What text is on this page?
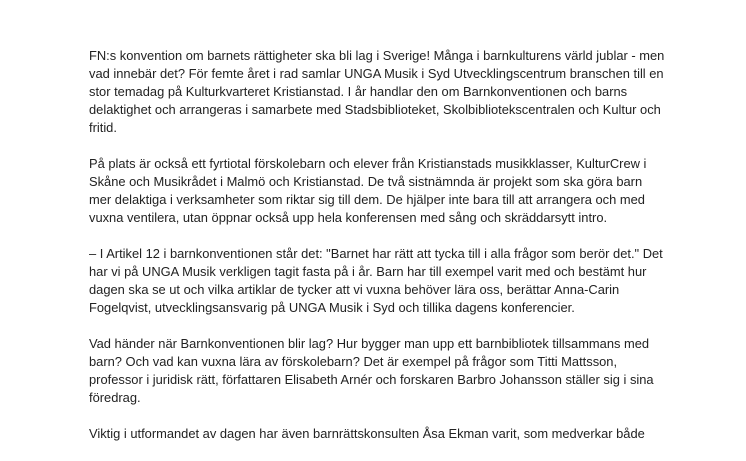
FN:s konvention om barnets rättigheter ska bli lag i Sverige! Många i barnkulturens värld jublar - men
vad innebär det? För femte året i rad samlar UNGA Musik i Syd Utvecklingscentrum branschen till en
stor temadag på Kulturkvarteret Kristianstad. I år handlar den om Barnkonventionen och barns
delaktighet och arrangeras i samarbete med Stadsbiblioteket, Skolbibliotekscentralen och Kultur och
fritid.

På plats är också ett fyrtiotal förskolebarn och elever från Kristianstads musikklasser, KulturCrew i
Skåne och Musikrådet i Malmö och Kristianstad. De två sistnämnda är projekt som ska göra barn
mer delaktiga i verksamheter som riktar sig till dem. De hjälper inte bara till att arrangera och med
vuxna ventilera, utan öppnar också upp hela konferensen med sång och skräddarsytt intro.

– I Artikel 12 i barnkonventionen står det: "Barnet har rätt att tycka till i alla frågor som berör det." Det
har vi på UNGA Musik verkligen tagit fasta på i år. Barn har till exempel varit med och bestämt hur
dagen ska se ut och vilka artiklar de tycker att vi vuxna behöver lära oss, berättar Anna-Carin
Fogelqvist, utvecklingsansvarig på UNGA Musik i Syd och tillika dagens konferencier.

Vad händer när Barnkonventionen blir lag? Hur bygger man upp ett barnbibliotek tillsammans med
barn? Och vad kan vuxna lära av förskolebarn? Det är exempel på frågor som Titti Mattsson,
professor i juridisk rätt, författaren Elisabeth Arnér och forskaren Barbro Johansson ställer sig i sina
föredrag.

Viktig i utformandet av dagen har även barnrättskonsulten Åsa Ekman varit, som medverkar både
